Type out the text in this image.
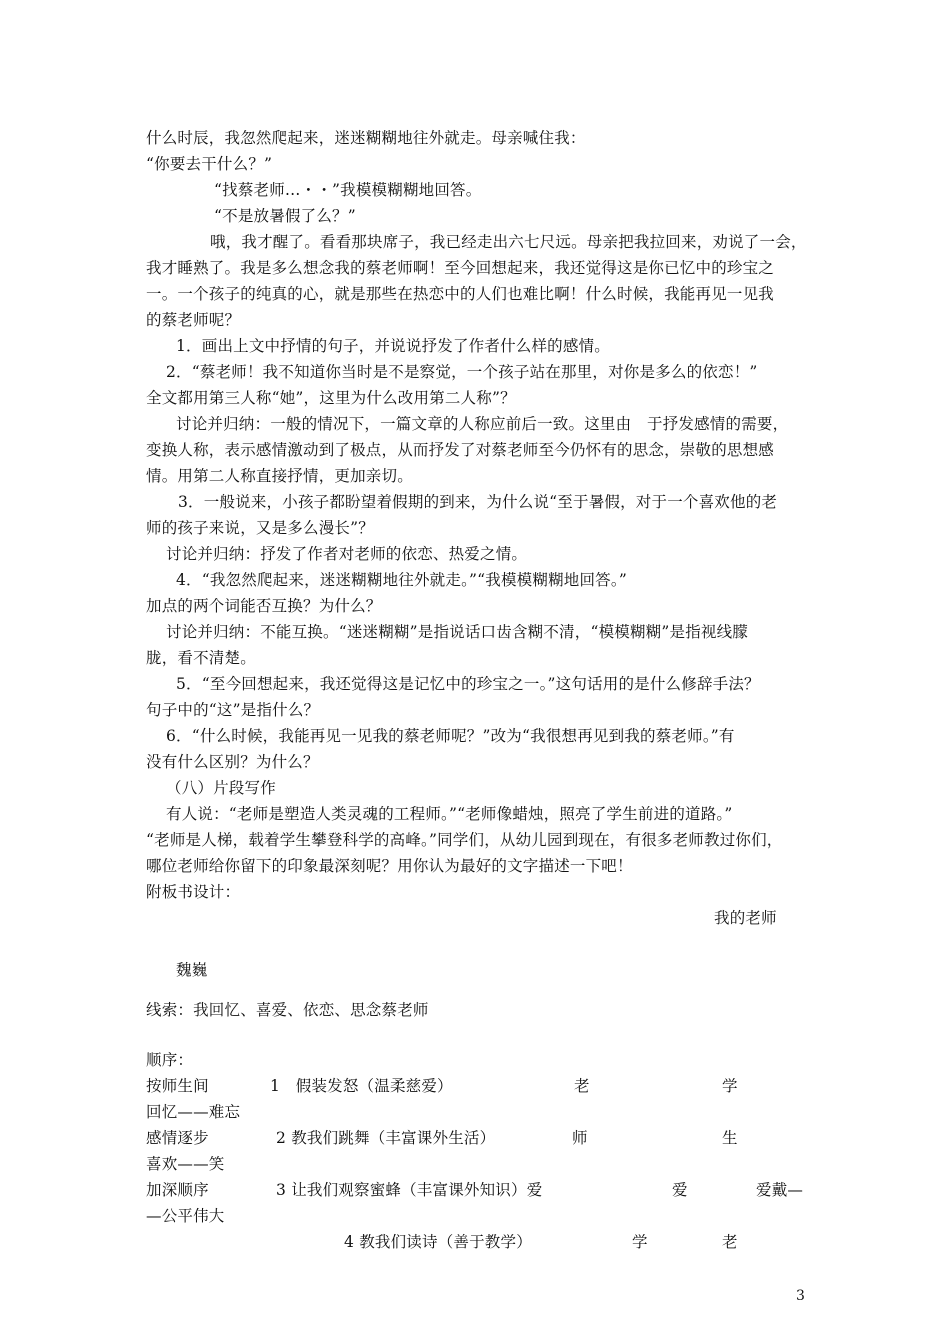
什么时辰，我忽然爬起来，迷迷糊糊地往外就走。母亲喊住我：
“你要去干什么？”
“找蔡老师…・・”我模模糊糊地回答。
“不是放暑假了么？”
哦，我才醒了。看看那块席子，我已经走出六七尺远。母亲把我拉回来，劝说了一会，
我才睡熟了。我是多么想念我的蔡老师啊！至今回想起来，我还觉得这是你已忆中的珍宝之
一。一个孩子的纯真的心，就是那些在热恋中的人们也难比啊！什么时候，我能再见一见我
的蔡老师呢？
1．画出上文中抒情的句子，并说说抒发了作者什么样的感情。
2．“蔡老师！我不知道你当时是不是察觉，一个孩子站在那里，对你是多么的依恋！”
全文都用第三人称“她”，这里为什么改用第二人称”？
讨论并归纳：一般的情况下，一篇文章的人称应前后一致。这里由　于抒发感情的需要，
变换人称，表示感情激动到了极点，从而抒发了对蔡老师至今仍怀有的思念，崇敬的思想感
情。用第二人称直接抒情，更加亲切。
3．一般说来，小孩子都盼望着假期的到来，为什么说“至于暑假，对于一个喜欢他的老
师的孩子来说，又是多么漫长”？
讨论并归纳：抒发了作者对老师的依恋、热爱之情。
4．“我忽然爬起来，迷迷糊糊地往外就走。”“我模模糊糊地回答。”
加点的两个词能否互换？为什么？
讨论并归纳：不能互换。“迷迷糊糊”是指说话口齿含糊不清，“模模糊糊”是指视线朦
胧，看不清楚。
5．“至今回想起来，我还觉得这是记忆中的珍宝之一。”这句话用的是什么修辞手法？
句子中的“这”是指什么？
6．“什么时候，我能再见一见我的蔡老师呢？”改为“我很想再见到我的蔡老师。”有
没有什么区别？为什么？
（八）片段写作
有人说：“老师是塑造人类灵魂的工程师。”“老师像蜡烛，照亮了学生前进的道路。”
“老师是人梯，载着学生攀登科学的高峰。”同学们，从幼儿园到现在，有很多老师教过你们，
哪位老师给你留下的印象最深刻呢？用你认为最好的文字描述一下吧！
附板书设计：
我的老师
魏巍
线索：我回忆、喜爱、依恋、思念蔡老师
顺序：
按师生间	1　假装发怒（温柔慈爱）	老	学
回忆——难忘
感情逐步	2 教我们跳舞（丰富课外生活）	师	生
喜欢——笑
加深顺序	3 让我们观察蜜蜂（丰富课外知识）爱	爱	爱戴—
—公平伟大
4 教我们读诗（善于教学）	学	老
3
